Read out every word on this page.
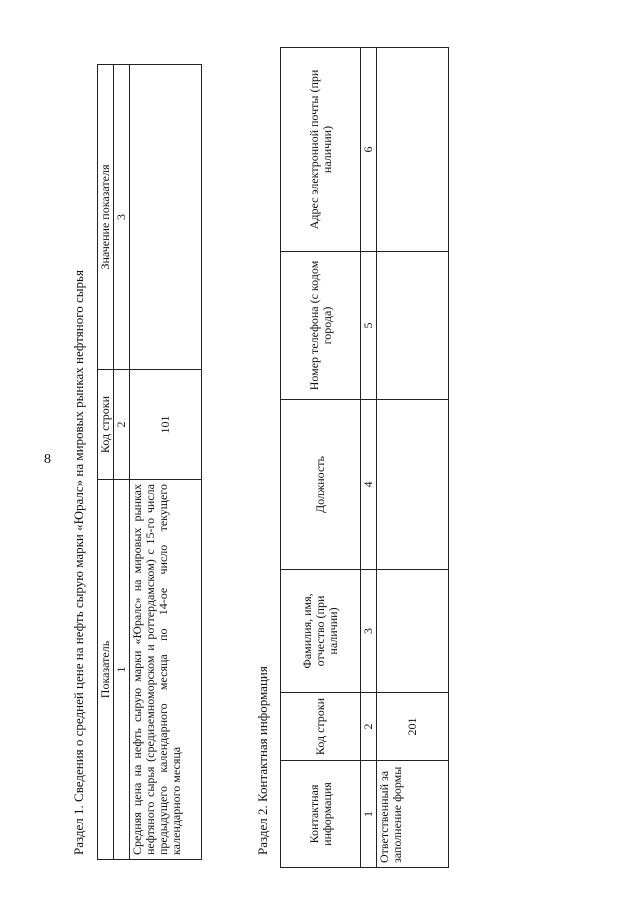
8 Раздел 1. Сведения о средней цене на нефть сырую марки «Юралс» на мировых рынках нефтяного сырья Показатель	Код строки	Значение показателя
1	2	3
Средняя цена на нефть сырую марки «Юралс» на мировых рынках нефтяного сырья (средиземноморском и роттердамском) с 15-го числа предыдущего календарного месяца по 14-ое число текущего календарного месяца	101	
Раздел 2. Контактная информация	Контактная информация	Код строки	Фамилия, имя, отчество (при наличии)	Должность	Номер телефона (с кодом города)	Адрес электронной почты (при наличии)
1	2	3	4	5	6
Ответственный за заполнение формы	201				
